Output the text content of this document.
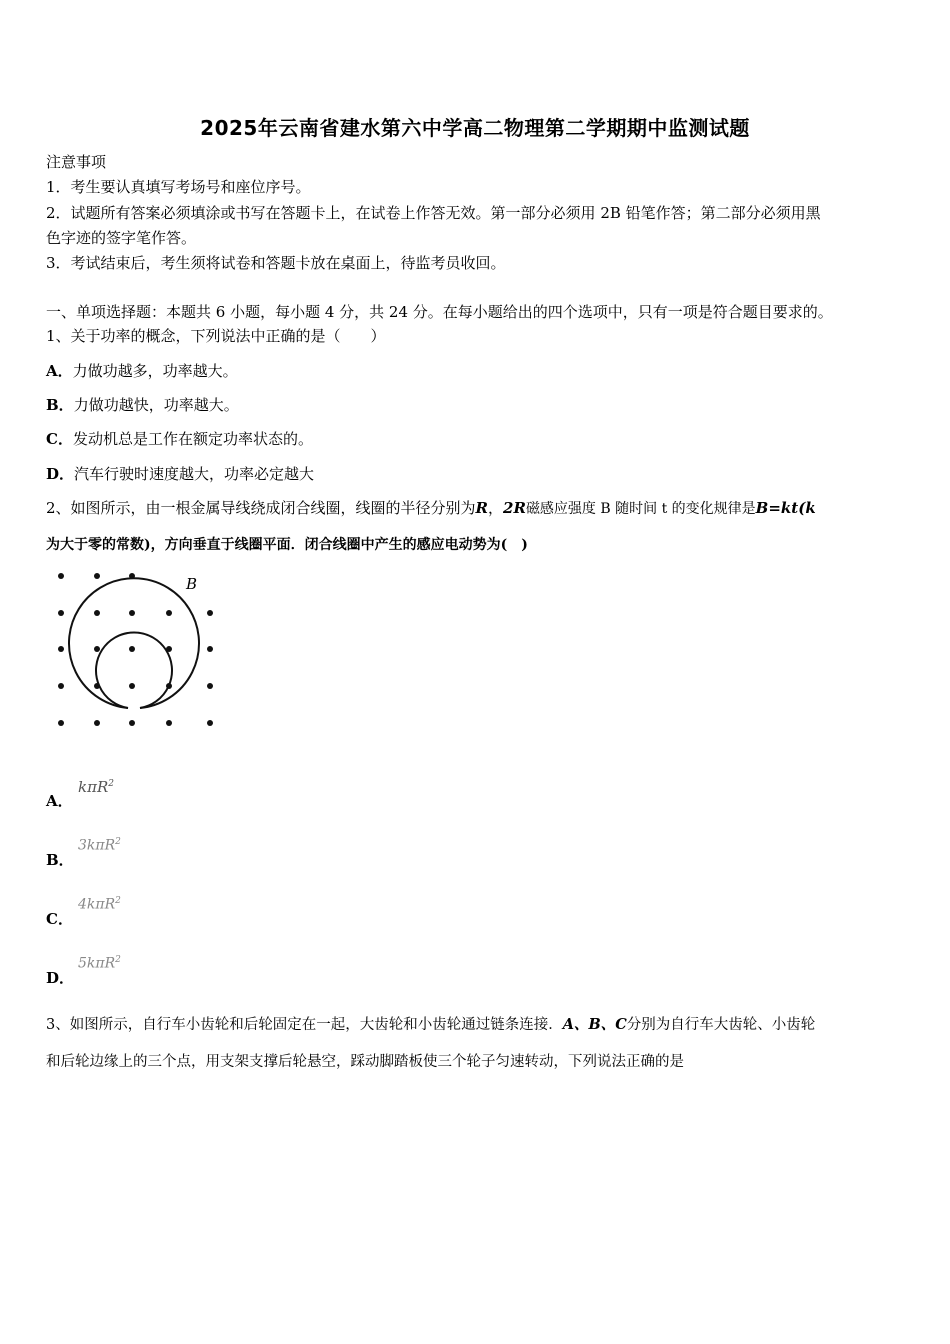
2025年云南省建水第六中学高二物理第二学期期中监测试题
注意事项
1．考生要认真填写考场号和座位序号。
2．试题所有答案必须填涂或书写在答题卡上，在试卷上作答无效。第一部分必须用 2B 铅笔作答；第二部分必须用黑
色字迹的签字笔作答。
3．考试结束后，考生须将试卷和答题卡放在桌面上，待监考员收回。
一、单项选择题：本题共 6 小题，每小题 4 分，共 24 分。在每小题给出的四个选项中，只有一项是符合题目要求的。
1、关于功率的概念，下列说法中正确的是（　　）
A．力做功越多，功率越大。
B．力做功越快，功率越大。
C．发动机总是工作在额定功率状态的。
D．汽车行驶时速度越大，功率必定越大
2、如图所示，由一根金属导线绕成闭合线圈，线圈的半径分别为R，2R磁感应强度 B 随时间 t 的变化规律是B=kt(k
为大于零的常数)，方向垂直于线圈平面．闭合线圈中产生的感应电动势为(　)
B
A．
kπR$^2$
B．
3kπR$^2$
C．
4kπR$^2$
D．
5kπR$^2$
3、如图所示，自行车小齿轮和后轮固定在一起，大齿轮和小齿轮通过链条连接．A、B、C分别为自行车大齿轮、小齿轮
和后轮边缘上的三个点，用支架支撑后轮悬空，踩动脚踏板使三个轮子匀速转动，下列说法正确的是
